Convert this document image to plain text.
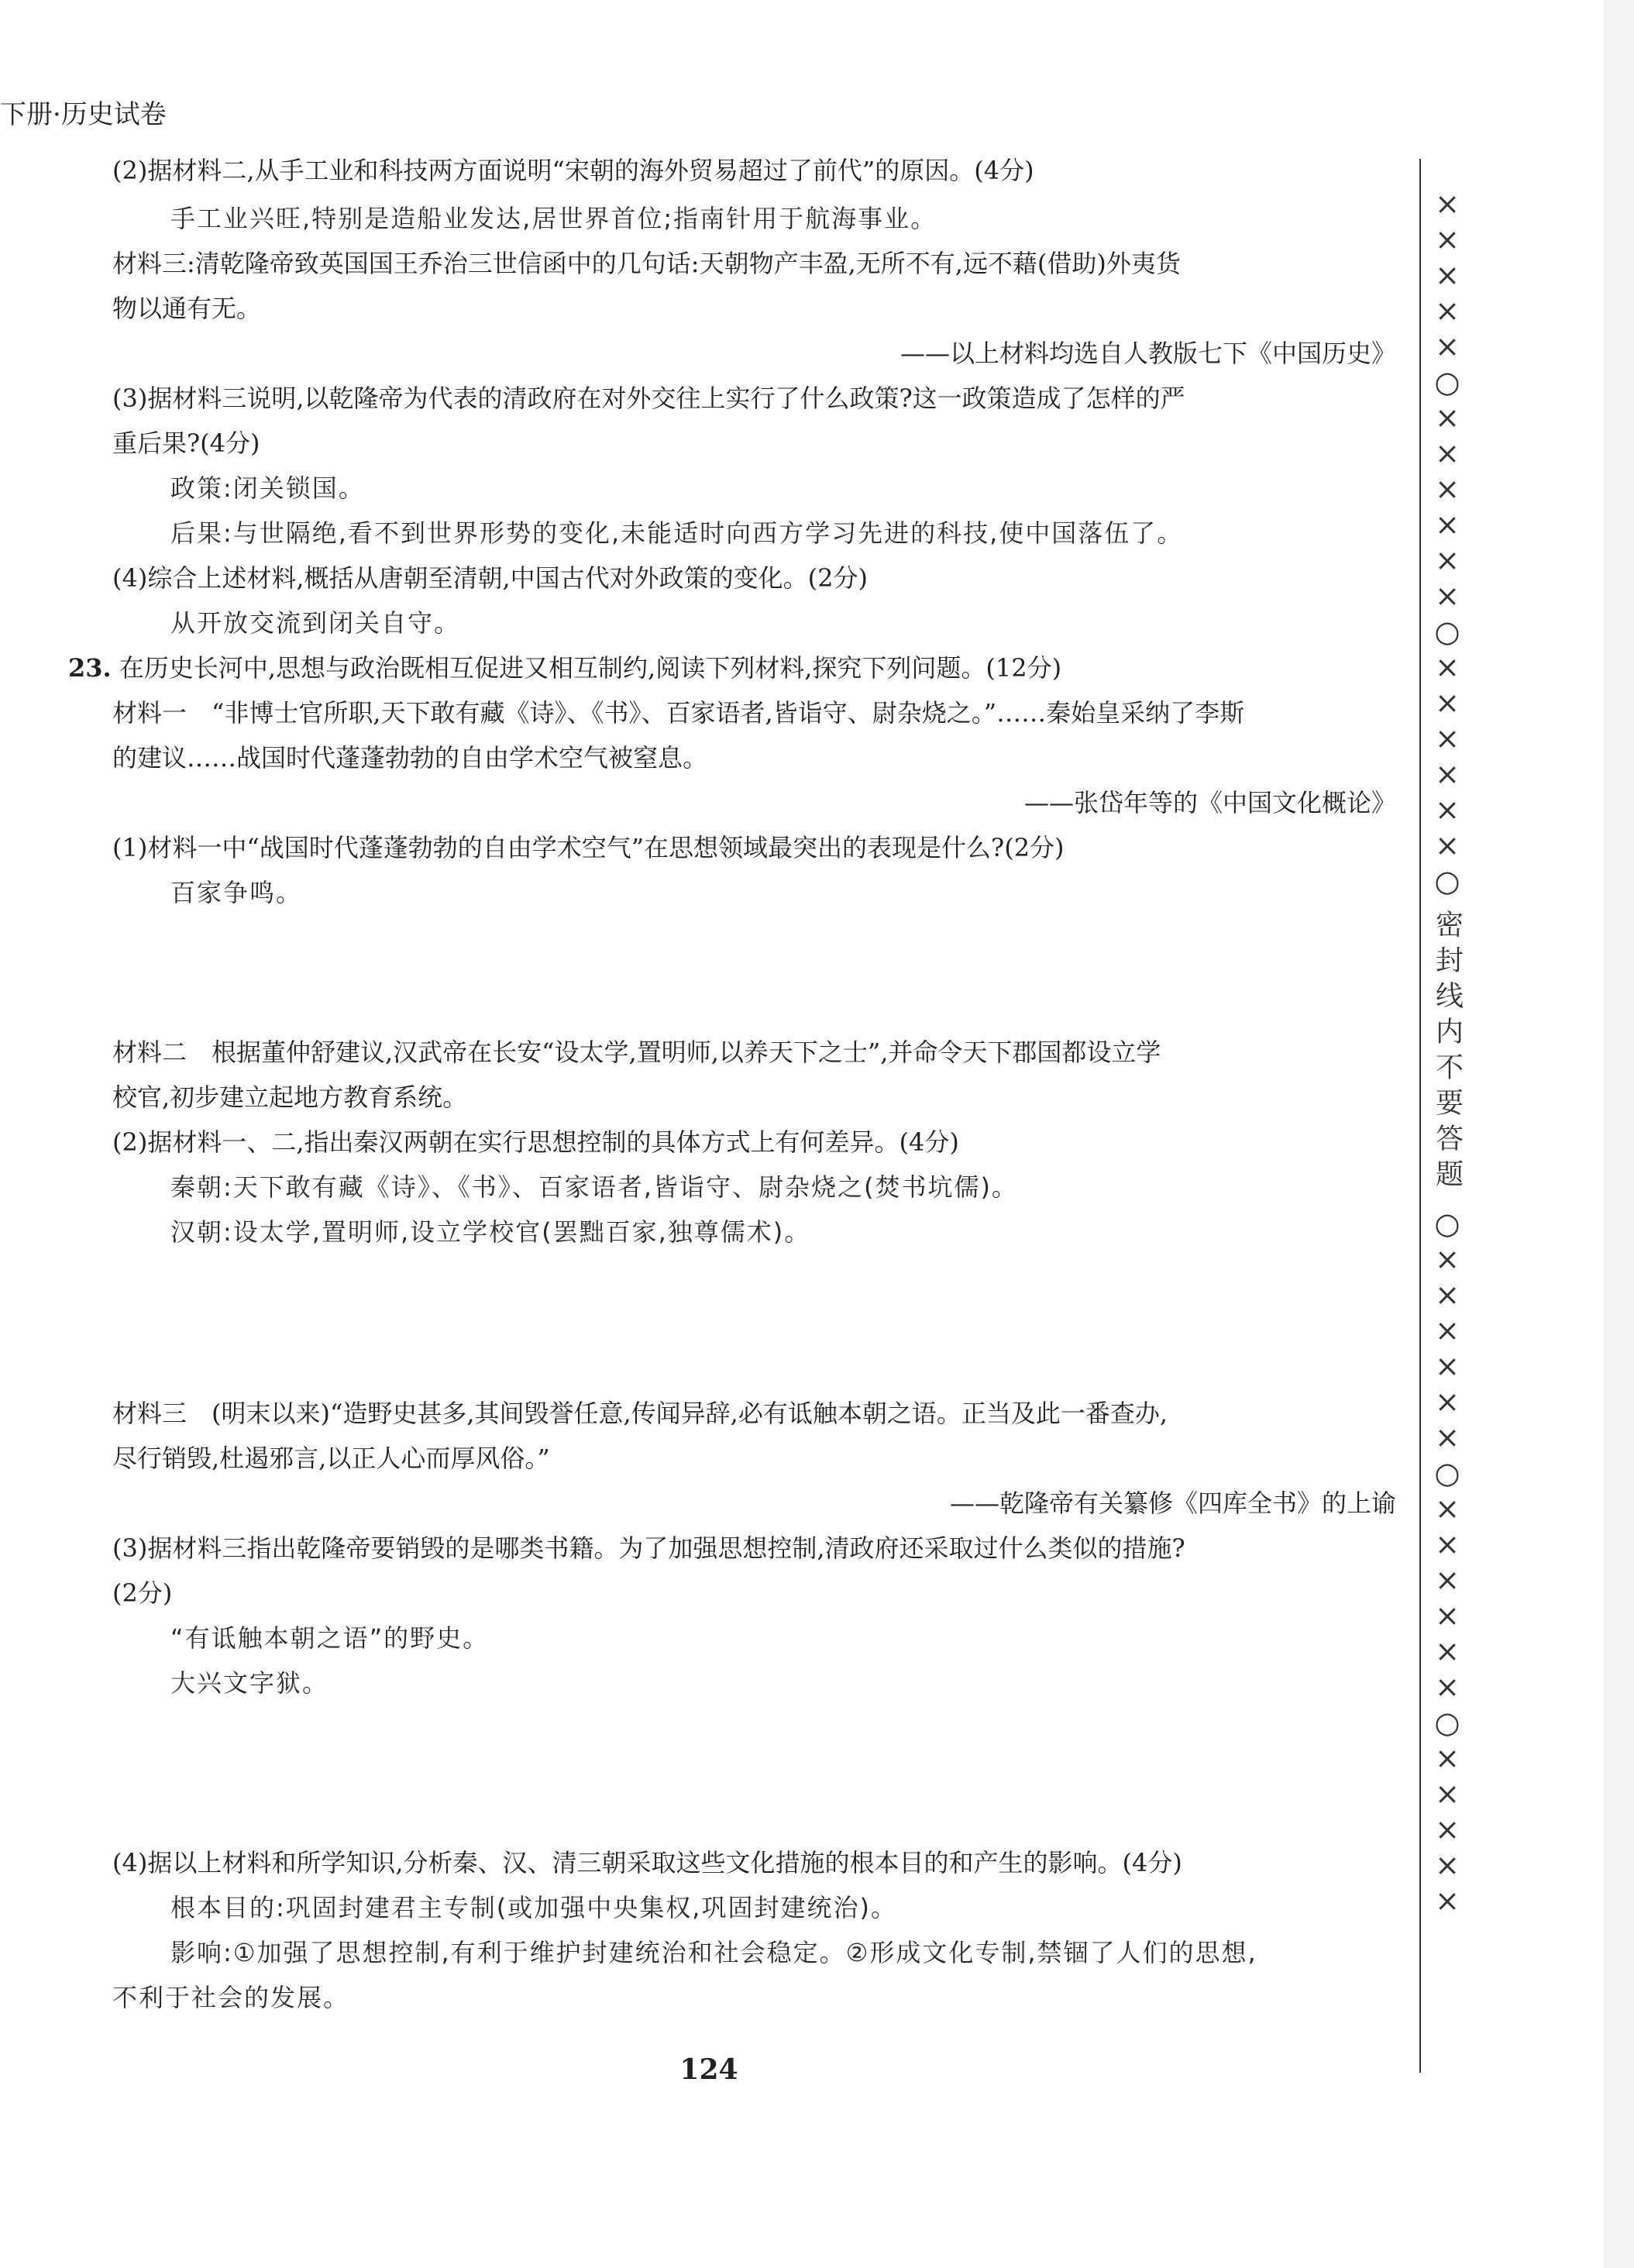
下册·历史试卷
(2)据材料二,从手工业和科技两方面说明“宋朝的海外贸易超过了前代”的原因。(4分)
手工业兴旺,特别是造船业发达,居世界首位;指南针用于航海事业。
材料三:清乾隆帝致英国国王乔治三世信函中的几句话:天朝物产丰盈,无所不有,远不藉(借助)外夷货
物以通有无。
——以上材料均选自人教版七下《中国历史》
(3)据材料三说明,以乾隆帝为代表的清政府在对外交往上实行了什么政策?这一政策造成了怎样的严
重后果?(4分)
政策:闭关锁国。
后果:与世隔绝,看不到世界形势的变化,未能适时向西方学习先进的科技,使中国落伍了。
(4)综合上述材料,概括从唐朝至清朝,中国古代对外政策的变化。(2分)
从开放交流到闭关自守。
23. 在历史长河中,思想与政治既相互促进又相互制约,阅读下列材料,探究下列问题。(12分)
材料一　“非博士官所职,天下敢有藏《诗》、《书》、百家语者,皆诣守、尉杂烧之。”……秦始皇采纳了李斯
的建议……战国时代蓬蓬勃勃的自由学术空气被窒息。
——张岱年等的《中国文化概论》
(1)材料一中“战国时代蓬蓬勃勃的自由学术空气”在思想领域最突出的表现是什么?(2分)
百家争鸣。
材料二　根据董仲舒建议,汉武帝在长安“设太学,置明师,以养天下之士”,并命令天下郡国都设立学
校官,初步建立起地方教育系统。
(2)据材料一、二,指出秦汉两朝在实行思想控制的具体方式上有何差异。(4分)
秦朝:天下敢有藏《诗》、《书》、百家语者,皆诣守、尉杂烧之(焚书坑儒)。
汉朝:设太学,置明师,设立学校官(罢黜百家,独尊儒术)。
材料三　(明末以来)“造野史甚多,其间毁誉任意,传闻异辞,必有诋触本朝之语。正当及此一番查办,
尽行销毁,杜遏邪言,以正人心而厚风俗。”
——乾隆帝有关纂修《四库全书》的上谕
(3)据材料三指出乾隆帝要销毁的是哪类书籍。为了加强思想控制,清政府还采取过什么类似的措施?
(2分)
“有诋触本朝之语”的野史。
大兴文字狱。
(4)据以上材料和所学知识,分析秦、汉、清三朝采取这些文化措施的根本目的和产生的影响。(4分)
根本目的:巩固封建君主专制(或加强中央集权,巩固封建统治)。
影响:①加强了思想控制,有利于维护封建统治和社会稳定。②形成文化专制,禁锢了人们的思想,
不利于社会的发展。
×
×
×
×
×
○
×
×
×
×
×
×
○
×
×
×
×
×
×
○
密封线内不要答题
○
×
×
×
×
×
×
○
×
×
×
×
×
×
○
×
×
×
×
×
124
